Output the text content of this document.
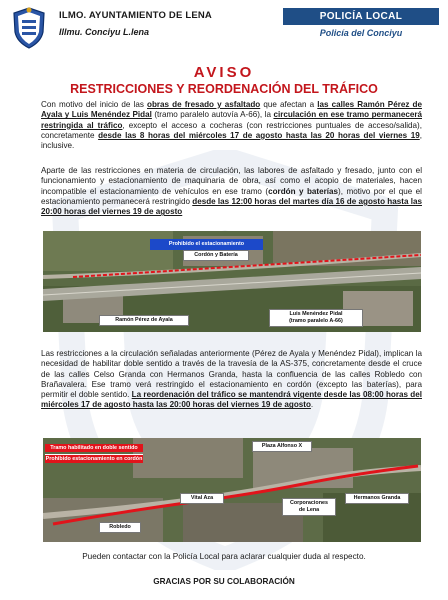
ILMO. AYUNTAMIENTO DE LENA
Illmu. Conciyu L.lena
POLICÍA LOCAL
Policía del Conciyu
AVISO
RESTRICCIONES Y REORDENACIÓN DEL TRÁFICO
Con motivo del inicio de las obras de fresado y asfaltado que afectan a las calles Ramón Pérez de Ayala y Luis Menéndez Pidal (tramo paralelo autovía A-66), la circulación en ese tramo permanecerá restringida al tráfico, excepto el acceso a cocheras (con restricciones puntuales de acceso/salida), concretamente desde las 8 horas del miércoles 17 de agosto hasta las 20 horas del viernes 19, inclusive.
Aparte de las restricciones en materia de circulación, las labores de asfaltado y fresado, junto con el funcionamiento y estacionamiento de maquinaria de obra, así como el acopio de materiales, hacen incompatible el estacionamiento de vehículos en ese tramo (cordón y baterías), motivo por el que el estacionamiento permanecerá restringido desde las 12:00 horas del martes día 16 de agosto hasta las 20:00 horas del viernes 19 de agosto
Prohibido el estacionamiento
Cordón y Batería
Ramón Pérez de Ayala
Luis Menéndez Pidal
(tramo paralelo A-66)
Las restricciones a la circulación señaladas anteriormente (Pérez de Ayala y Menéndez Pidal), implican la necesidad de habilitar doble sentido a través de la travesía de la AS-375, concretamente desde el cruce de las calles Celso Granda con Hermanos Granda, hasta la confluencia de las calles Robledo con Brañavalera. Ese tramo verá restringido el estacionamiento en cordón (excepto las baterías), para permitir el doble sentido. La reordenación del tráfico se mantendrá vigente desde las 08:00 horas del miércoles 17 de agosto hasta las 20:00 horas del viernes 19 de agosto.
Tramo habilitado en doble sentido
Prohibido estacionamiento en cordón
Plaza Alfonso X
Vital Aza
Corporaciones
de Lena
Hermanos Granda
Robledo
Pueden contactar con la Policía Local para aclarar cualquier duda al respecto.
GRACIAS POR SU COLABORACIÓN
